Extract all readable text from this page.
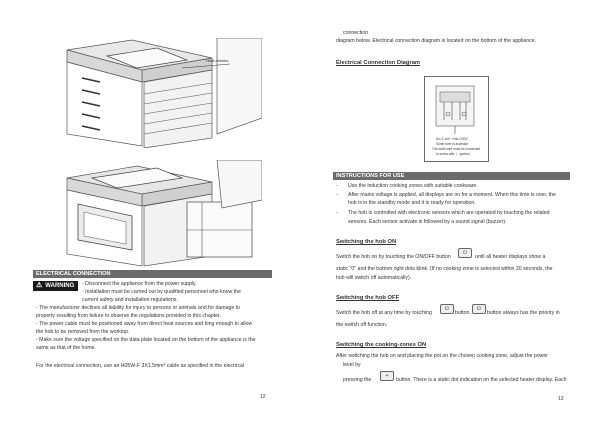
Heat resistor
ELECTRICAL CONNECTION
⚠ WARNING	- Disconnect the appliance from the power supply.
- Installation must be carried out by qualified personnel who know the
current safety and installation regulations.
- The manufacturer declines all liability for injury to persons or animals and for damage to
property resulting from failure to observe the regulations provided in this chapter.
- The power cable must be positioned away from direct heat sources and long enough to allow
the hob to be removed from the worktop.
- Make sure the voltage specified on the data plate located on the bottom of the appliance is the
same as that of the home.
For the electrical connection, use an H05W-F 3X1.5mm² cable as specified in the electrical
12
connection
diagram below. Electrical connection diagram is located on the bottom of the appliance.
Electrical Connection Diagram
Un=2 xun~ Hob=230V
Some ever is accessor
The earth wire must be connected
to screw with ⏚ symbol.
INSTRUCTIONS FOR USE
- Use the induction cooking zones with suitable cookware.
- After mains voltage is applied, all displays are on for a moment. When this time is over, the
hob is in the standby mode and it is ready for operation.
- The hob is controlled with electronic sensors which are operated by touching the related
sensors. Each sensor activate is followed by a sound signal (buzzer).
Switching the hob ON
Switch the hob on by touching the ON/OFF button
⏻
until all heater displays show a
static "0" and the bottom right dots blink. (If no cooking zone is selected within 20 seconds, the
hob will switch off automatically).
Switching the hob OFF
Switch the hob off at any time by touching
⏻
button.
⏻
button always has the priority in
the switch off function.
Switching the cooking-zones ON
After switching the hob on and placing the pot on the chosen cooking zone, adjust the power
level by
pressing the
+
button. There is a static dot indication on the selected heater display. Each
13
